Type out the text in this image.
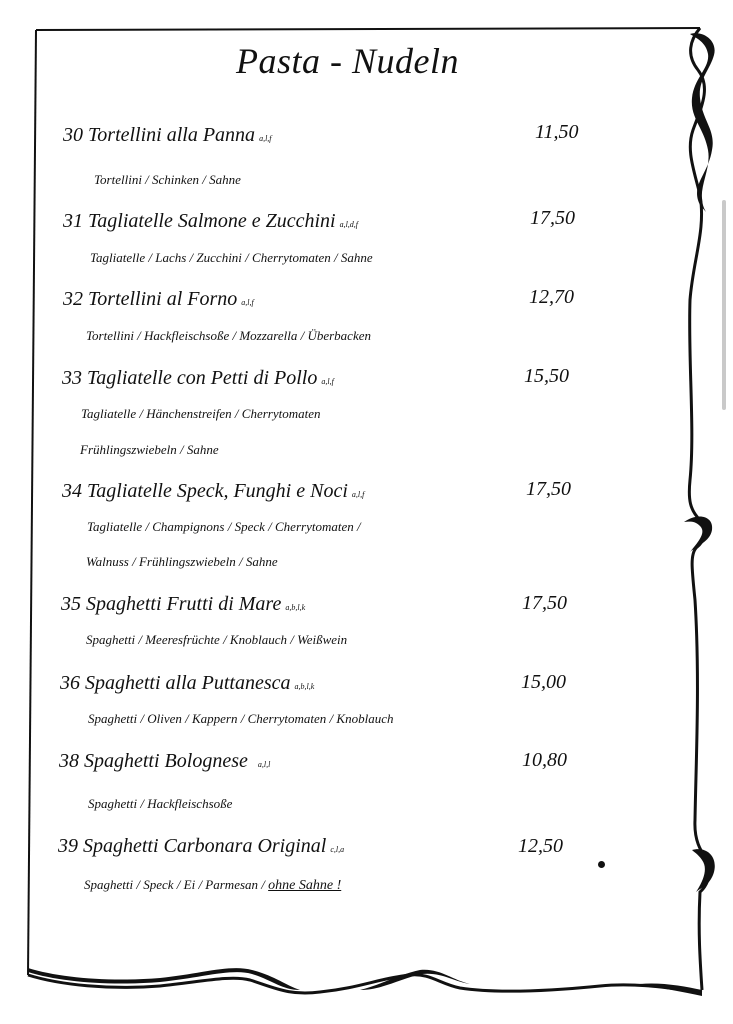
Pasta - Nudeln
30 Tortellini alla Panna a,l,f	11,50
Tortellini / Schinken / Sahne
31 Tagliatelle Salmone e Zucchini a,l,d,f	17,50
Tagliatelle / Lachs / Zucchini / Cherrytomaten / Sahne
32 Tortellini al Forno a,l,f	12,70
Tortellini / Hackfleischsoße / Mozzarella / Überbacken
33 Tagliatelle con Petti di Pollo a,l,f	15,50
Tagliatelle / Hänchenstreifen / Cherrytomaten
Frühlingszwiebeln / Sahne
34 Tagliatelle Speck, Funghi e Noci a,l,f	17,50
Tagliatelle / Champignons / Speck / Cherrytomaten /
Walnuss / Frühlingszwiebeln / Sahne
35 Spaghetti Frutti di Mare a,b,l,k	17,50
Spaghetti / Meeresfrüchte / Knoblauch / Weißwein
36 Spaghetti alla Puttanesca a,b,l,k	15,00
Spaghetti / Oliven / Kappern / Cherrytomaten / Knoblauch
38 Spaghetti Bolognese a,l,l	10,80
Spaghetti / Hackfleischsoße
39 Spaghetti Carbonara Original c,l,a	12,50
Spaghetti / Speck / Ei / Parmesan / ohne Sahne !
